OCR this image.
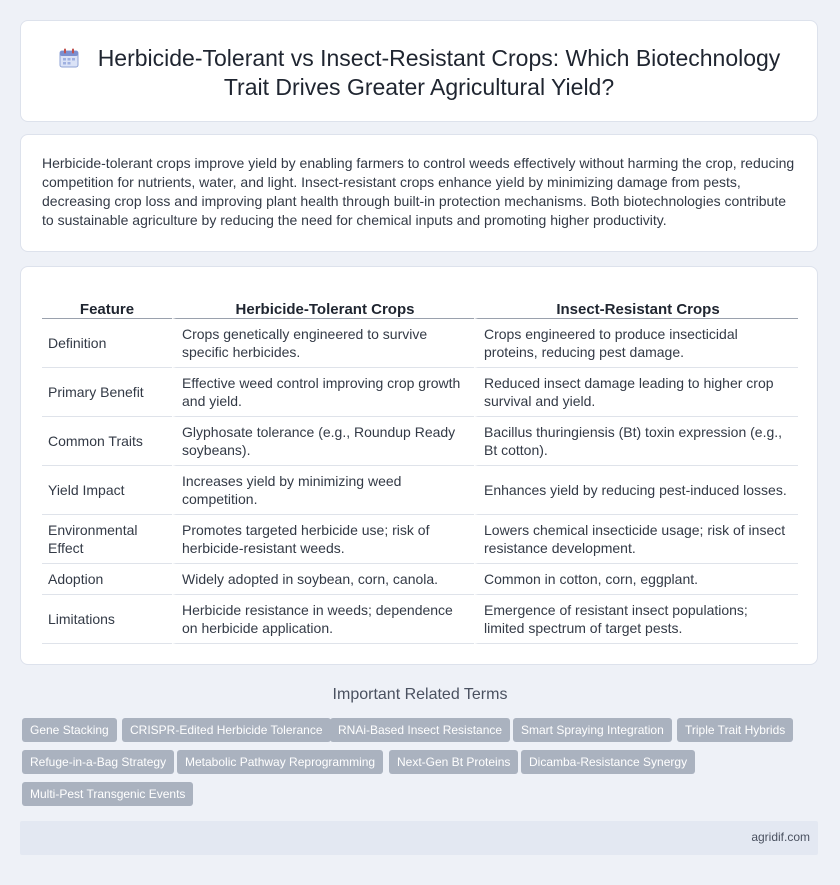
Herbicide-Tolerant vs Insect-Resistant Crops: Which Biotechnology Trait Drives Greater Agricultural Yield?

Herbicide-tolerant crops improve yield by enabling farmers to control weeds effectively without harming the crop, reducing competition for nutrients, water, and light. Insect-resistant crops enhance yield by minimizing damage from pests, decreasing crop loss and improving plant health through built-in protection mechanisms. Both biotechnologies contribute to sustainable agriculture by reducing the need for chemical inputs and promoting higher productivity.

Feature	Herbicide-Tolerant Crops	Insect-Resistant Crops
Definition	Crops genetically engineered to survive specific herbicides.	Crops engineered to produce insecticidal proteins, reducing pest damage.
Primary Benefit	Effective weed control improving crop growth and yield.	Reduced insect damage leading to higher crop survival and yield.
Common Traits	Glyphosate tolerance (e.g., Roundup Ready soybeans).	Bacillus thuringiensis (Bt) toxin expression (e.g., Bt cotton).
Yield Impact	Increases yield by minimizing weed competition.	Enhances yield by reducing pest-induced losses.
Environmental Effect	Promotes targeted herbicide use; risk of herbicide-resistant weeds.	Lowers chemical insecticide usage; risk of insect resistance development.
Adoption	Widely adopted in soybean, corn, canola.	Common in cotton, corn, eggplant.
Limitations	Herbicide resistance in weeds; dependence on herbicide application.	Emergence of resistant insect populations; limited spectrum of target pests.
Important Related Terms
Gene Stacking	CRISPR-Edited Herbicide Tolerance	RNAi-Based Insect Resistance	Smart Spraying Integration	Triple Trait Hybrids
Refuge-in-a-Bag Strategy	Metabolic Pathway Reprogramming	Next-Gen Bt Proteins	Dicamba-Resistance Synergy
Multi-Pest Transgenic Events
agridif.com
